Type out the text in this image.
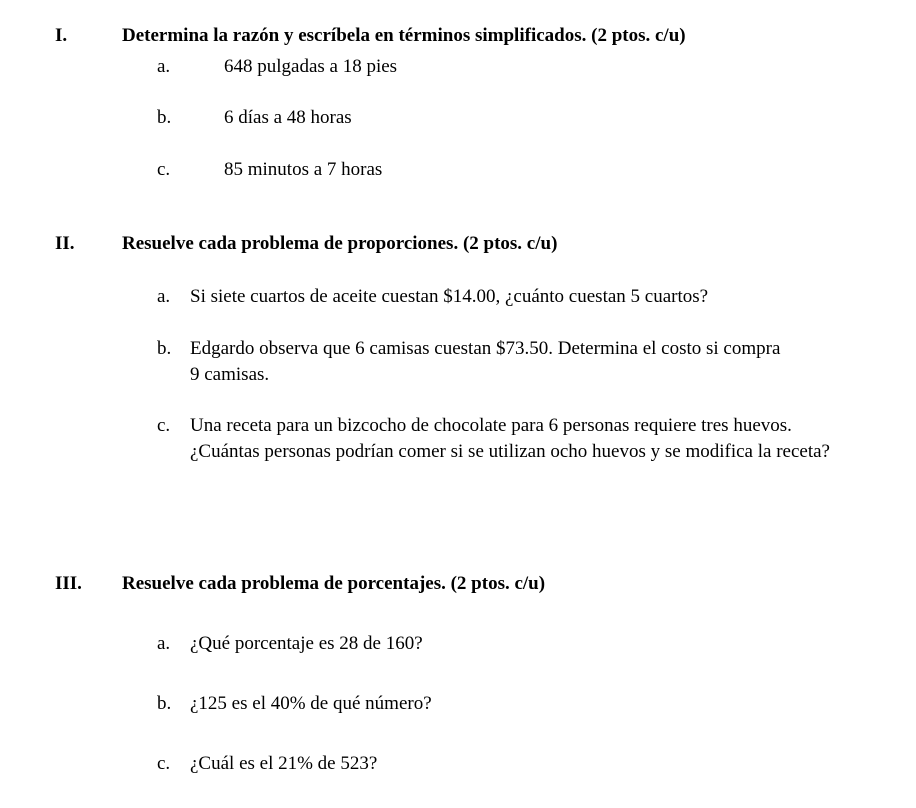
I.	Determina la razón y escríbela en términos simplificados. (2 ptos. c/u)
a.	648 pulgadas a 18 pies
b.	6 días a 48 horas
c.	85 minutos a 7 horas
II. Resuelve cada problema de proporciones. (2 ptos. c/u)
a. Si siete cuartos de aceite cuestan $14.00, ¿cuánto cuestan 5 cuartos?
b. Edgardo observa que 6 camisas cuestan $73.50. Determina el costo si compra
9 camisas.
c. Una receta para un bizcocho de chocolate para 6 personas requiere tres huevos. ¿Cuántas personas podrían comer si se utilizan ocho huevos y se modifica la receta?
III. Resuelve cada problema de porcentajes. (2 ptos. c/u)
a. ¿Qué porcentaje es 28 de 160?
b. ¿125 es el 40% de qué número?
c. ¿Cuál es el 21% de 523?
